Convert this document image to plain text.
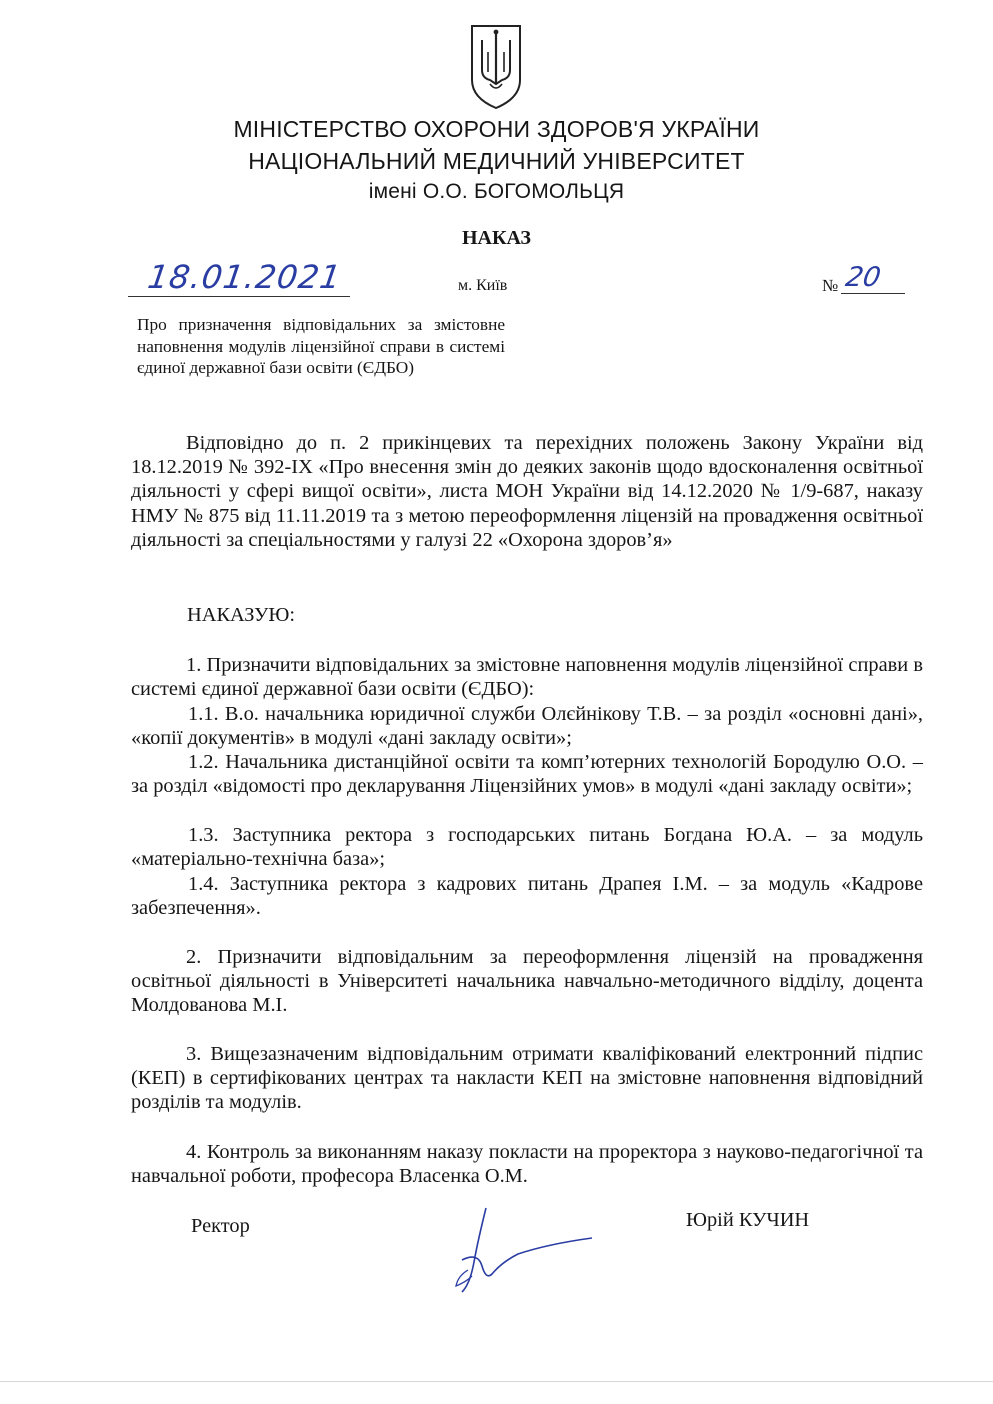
МІНІСТЕРСТВО ОХОРОНИ ЗДОРОВ'Я УКРАЇНИ
НАЦІОНАЛЬНИЙ МЕДИЧНИЙ УНІВЕРСИТЕТ
імені О.О. БОГОМОЛЬЦЯ
НАКАЗ
18.01.2021	м. Київ	№ 20
Про призначення відповідальних за змістовне наповнення модулів ліцензійної справи в системі єдиної державної бази освіти (ЄДБО)
Відповідно до п. 2 прикінцевих та перехідних положень Закону України від 18.12.2019 № 392-IX «Про внесення змін до деяких законів щодо вдосконалення освітньої діяльності у сфері вищої освіти», листа МОН України від 14.12.2020 № 1/9-687, наказу НМУ № 875 від 11.11.2019 та з метою переоформлення ліцензій на провадження освітньої діяльності за спеціальностями у галузі 22 «Охорона здоров’я»
НАКАЗУЮ:
1. Призначити відповідальних за змістовне наповнення модулів ліцензійної справи в системі єдиної державної бази освіти (ЄДБО):
1.1. В.о. начальника юридичної служби Олєйнікову Т.В. – за розділ «основні дані», «копії документів» в модулі «дані закладу освіти»;
1.2. Начальника дистанційної освіти та комп’ютерних технологій Бородулю О.О. – за розділ «відомості про декларування Ліцензійних умов» в модулі «дані закладу освіти»;
1.3. Заступника ректора з господарських питань Богдана Ю.А. – за модуль «матеріально-технічна база»;
1.4. Заступника ректора з кадрових питань Драпея І.М. – за модуль «Кадрове забезпечення».
2. Призначити відповідальним за переоформлення ліцензій на провадження освітньої діяльності в Університеті начальника навчально-методичного відділу, доцента Молдованова М.І.
3. Вищезазначеним відповідальним отримати кваліфікований електронний підпис (КЕП) в сертифікованих центрах та накласти КЕП на змістовне наповнення відповідний розділів та модулів.
4. Контроль за виконанням наказу покласти на проректора з науково-педагогічної та навчальної роботи, професора Власенка О.М.
Ректор	Юрій КУЧИН
